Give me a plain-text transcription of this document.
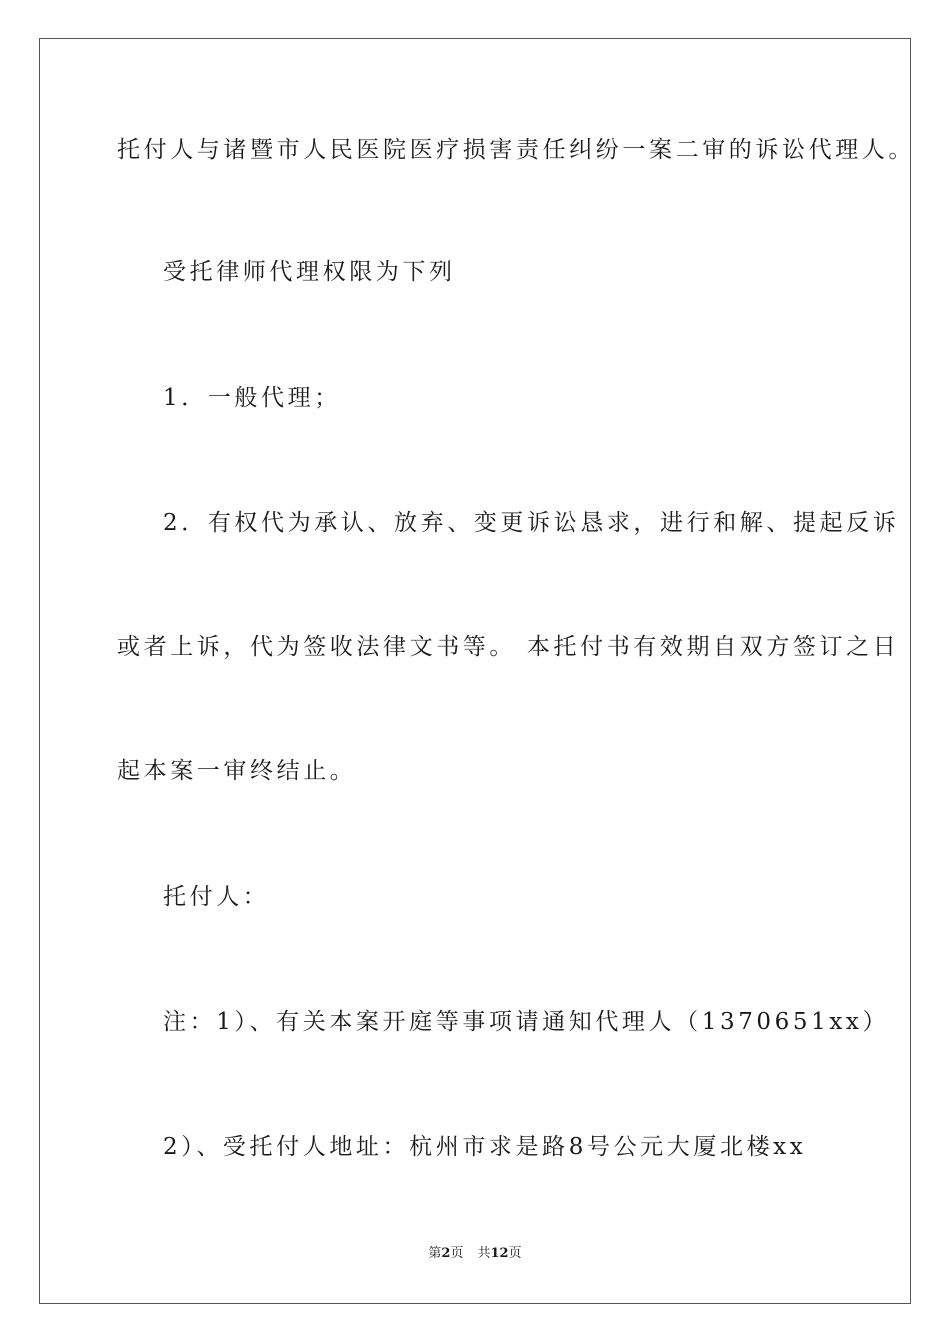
托付人与诸暨市人民医院医疗损害责任纠纷一案二审的诉讼代理人。
受托律师代理权限为下列
1．一般代理；
2．有权代为承认、放弃、变更诉讼恳求，进行和解、提起反诉
或者上诉，代为签收法律文书等。 本托付书有效期自双方签订之日
起本案一审终结止。
托付人：
注：1）、有关本案开庭等事项请通知代理人（1370651xx）
2）、受托付人地址：杭州市求是路8号公元大厦北楼xx
第2页 共12页
